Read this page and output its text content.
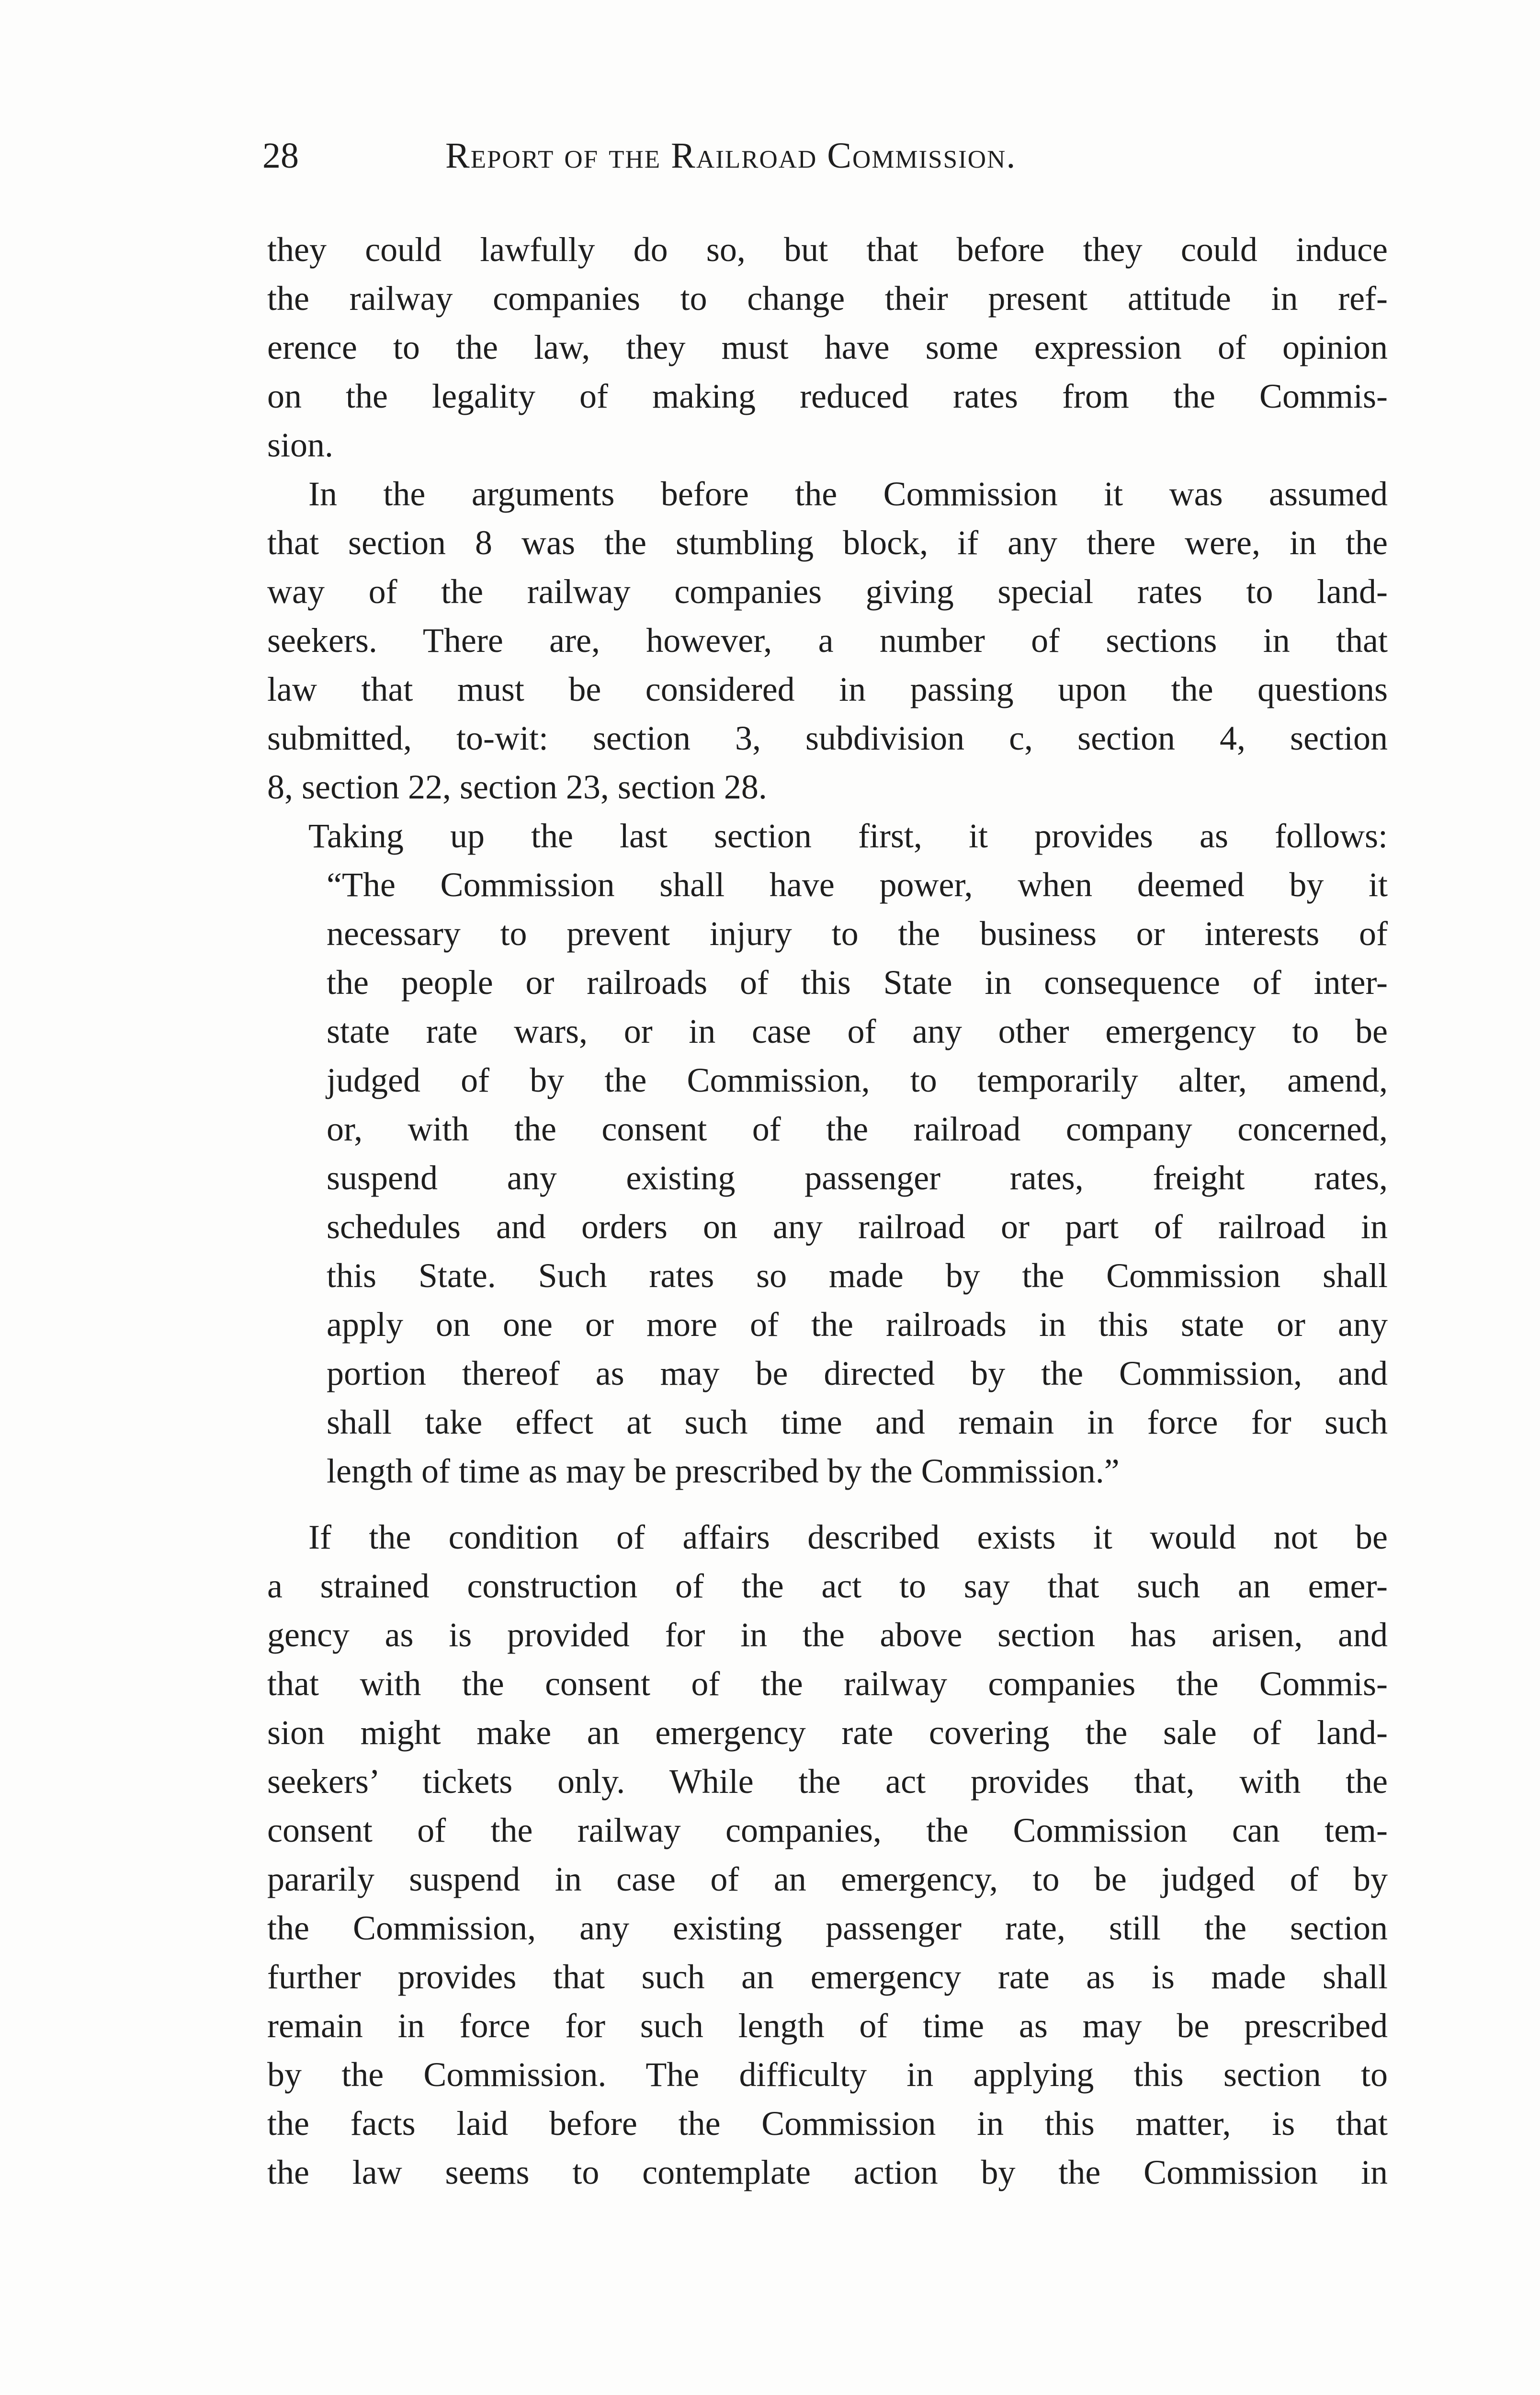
28	Report of the Railroad Commission.
they could lawfully do so, but that before they could induce
the railway companies to change their present attitude in ref-
erence to the law, they must have some expression of opinion
on the legality of making reduced rates from the Commis-
sion.
In the arguments before the Commission it was assumed
that section 8 was the stumbling block, if any there were, in the
way of the railway companies giving special rates to land-
seekers. There are, however, a number of sections in that
law that must be considered in passing upon the questions
submitted, to-wit: section 3, subdivision c, section 4, section
8, section 22, section 23, section 28.
Taking up the last section first, it provides as follows:
“The Commission shall have power, when deemed by it
necessary to prevent injury to the business or interests of
the people or railroads of this State in consequence of inter-
state rate wars, or in case of any other emergency to be
judged of by the Commission, to temporarily alter, amend,
or, with the consent of the railroad company concerned,
suspend any existing passenger rates, freight rates,
schedules and orders on any railroad or part of railroad in
this State. Such rates so made by the Commission shall
apply on one or more of the railroads in this state or any
portion thereof as may be directed by the Commission, and
shall take effect at such time and remain in force for such
length of time as may be prescribed by the Commission.”
If the condition of affairs described exists it would not be
a strained construction of the act to say that such an emer-
gency as is provided for in the above section has arisen, and
that with the consent of the railway companies the Commis-
sion might make an emergency rate covering the sale of land-
seekers’ tickets only. While the act provides that, with the
consent of the railway companies, the Commission can tem-
pararily suspend in case of an emergency, to be judged of by
the Commission, any existing passenger rate, still the section
further provides that such an emergency rate as is made shall
remain in force for such length of time as may be prescribed
by the Commission. The difficulty in applying this section to
the facts laid before the Commission in this matter, is that
the law seems to contemplate action by the Commission in
